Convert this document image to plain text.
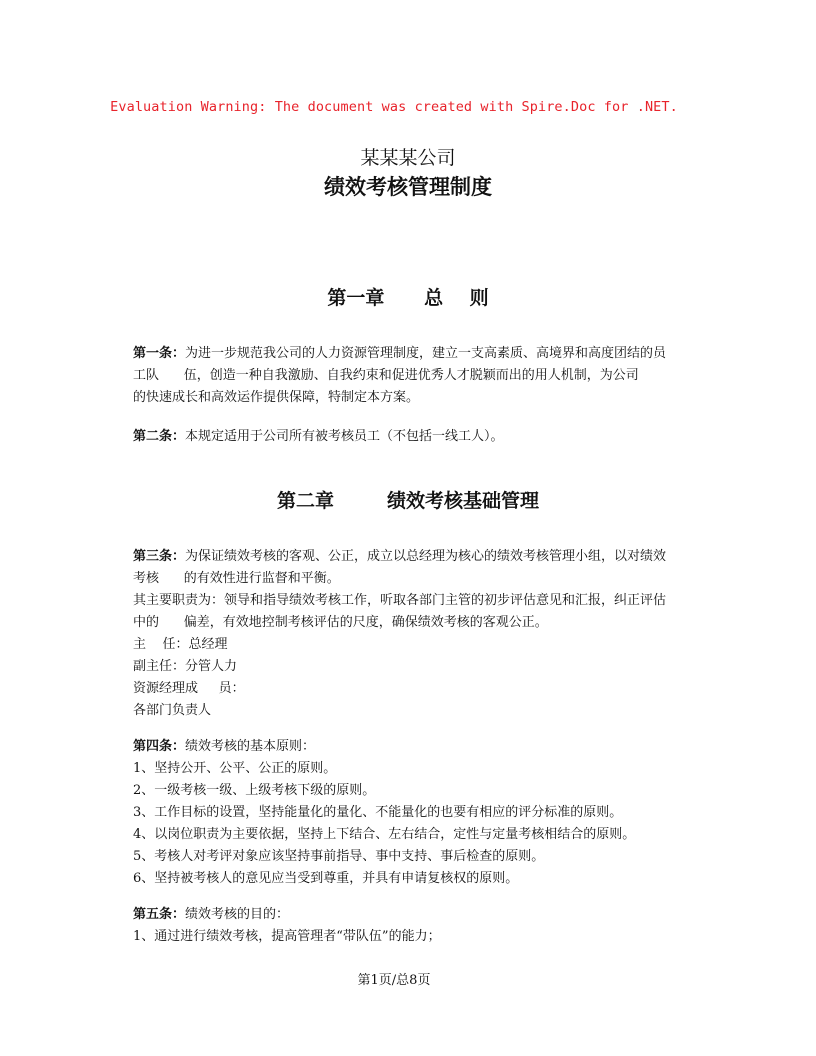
Evaluation Warning: The document was created with Spire.Doc for .NET.
某某某公司
绩效考核管理制度
第一章      总    则

第一条：为进一步规范我公司的人力资源管理制度，建立一支高素质、高境界和高度团结的员

工队      伍，创造一种自我激励、自我约束和促进优秀人才脱颖而出的用人机制，为公司

的快速成长和高效运作提供保障，特制定本方案。

第二条：本规定适用于公司所有被考核员工（不包括一线工人）。

第二章        绩效考核基础管理

第三条：为保证绩效考核的客观、公正，成立以总经理为核心的绩效考核管理小组，以对绩效

考核      的有效性进行监督和平衡。

其主要职责为：领导和指导绩效考核工作，听取各部门主管的初步评估意见和汇报，纠正评估

中的      偏差，有效地控制考核评估的尺度，确保绩效考核的客观公正。

主    任：总经理

副主任：分管人力

资源经理成     员：

各部门负责人

第四条：绩效考核的基本原则：

1、坚持公开、公平、公正的原则。

2、一级考核一级、上级考核下级的原则。

3、工作目标的设置，坚持能量化的量化、不能量化的也要有相应的评分标准的原则。

4、以岗位职责为主要依据，坚持上下结合、左右结合，定性与定量考核相结合的原则。

5、考核人对考评对象应该坚持事前指导、事中支持、事后检查的原则。

6、坚持被考核人的意见应当受到尊重，并具有申请复核权的原则。

第五条：绩效考核的目的：

1、通过进行绩效考核，提高管理者“带队伍”的能力；

第1页/总8页
